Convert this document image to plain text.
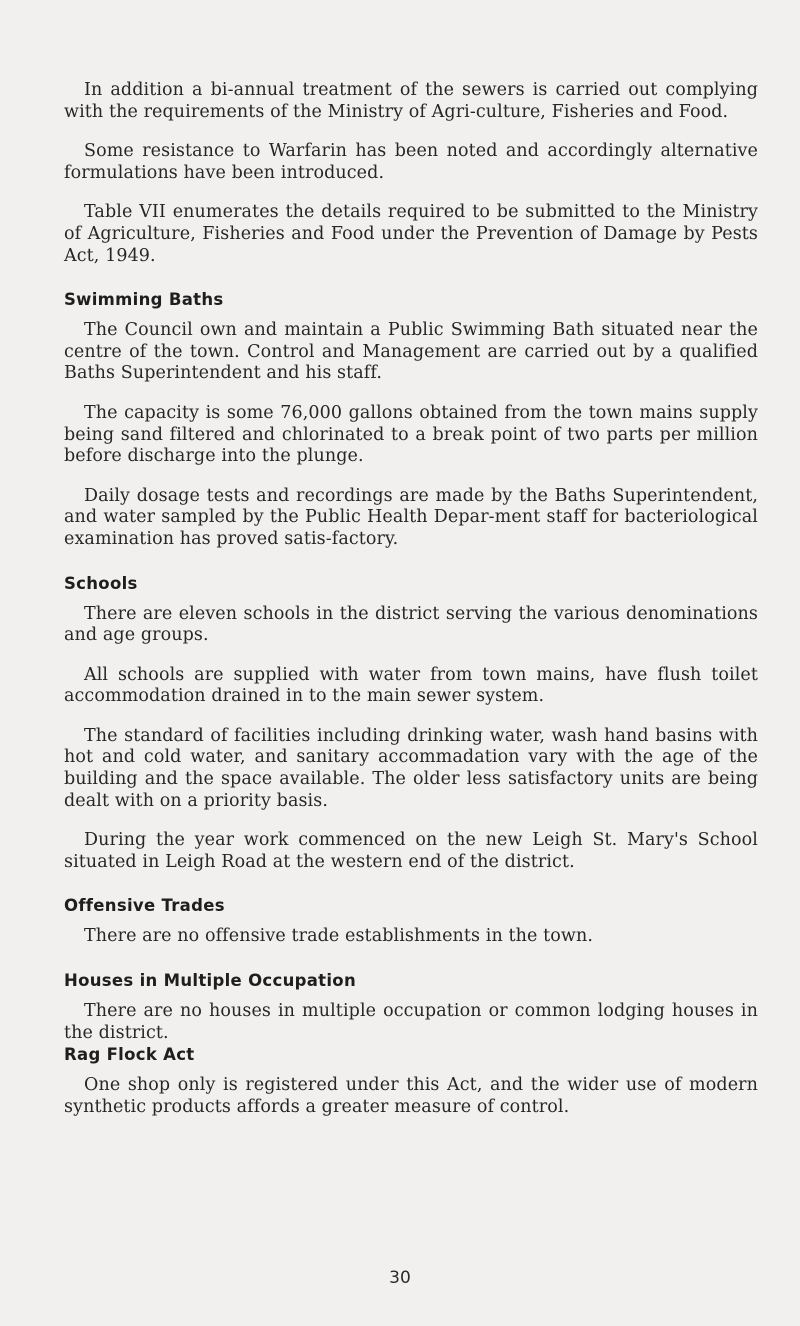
In addition a bi-annual treatment of the sewers is carried out complying with the requirements of the Ministry of Agri-culture, Fisheries and Food.

Some resistance to Warfarin has been noted and accordingly alternative formulations have been introduced.

Table VII enumerates the details required to be submitted to the Ministry of Agriculture, Fisheries and Food under the Prevention of Damage by Pests Act, 1949.

Swimming Baths

The Council own and maintain a Public Swimming Bath situated near the centre of the town. Control and Management are carried out by a qualified Baths Superintendent and his staff.

The capacity is some 76,000 gallons obtained from the town mains supply being sand filtered and chlorinated to a break point of two parts per million before discharge into the plunge.

Daily dosage tests and recordings are made by the Baths Superintendent, and water sampled by the Public Health Depar-ment staff for bacteriological examination has proved satis-factory.

Schools

There are eleven schools in the district serving the various denominations and age groups.

All schools are supplied with water from town mains, have flush toilet accommodation drained in to the main sewer system.

The standard of facilities including drinking water, wash hand basins with hot and cold water, and sanitary accommadation vary with the age of the building and the space available. The older less satisfactory units are being dealt with on a priority basis.

During the year work commenced on the new Leigh St. Mary's School situated in Leigh Road at the western end of the district.

Offensive Trades

There are no offensive trade establishments in the town.

Houses in Multiple Occupation

There are no houses in multiple occupation or common lodging houses in the district.

Rag Flock Act

One shop only is registered under this Act, and the wider use of modern synthetic products affords a greater measure of control.

30
